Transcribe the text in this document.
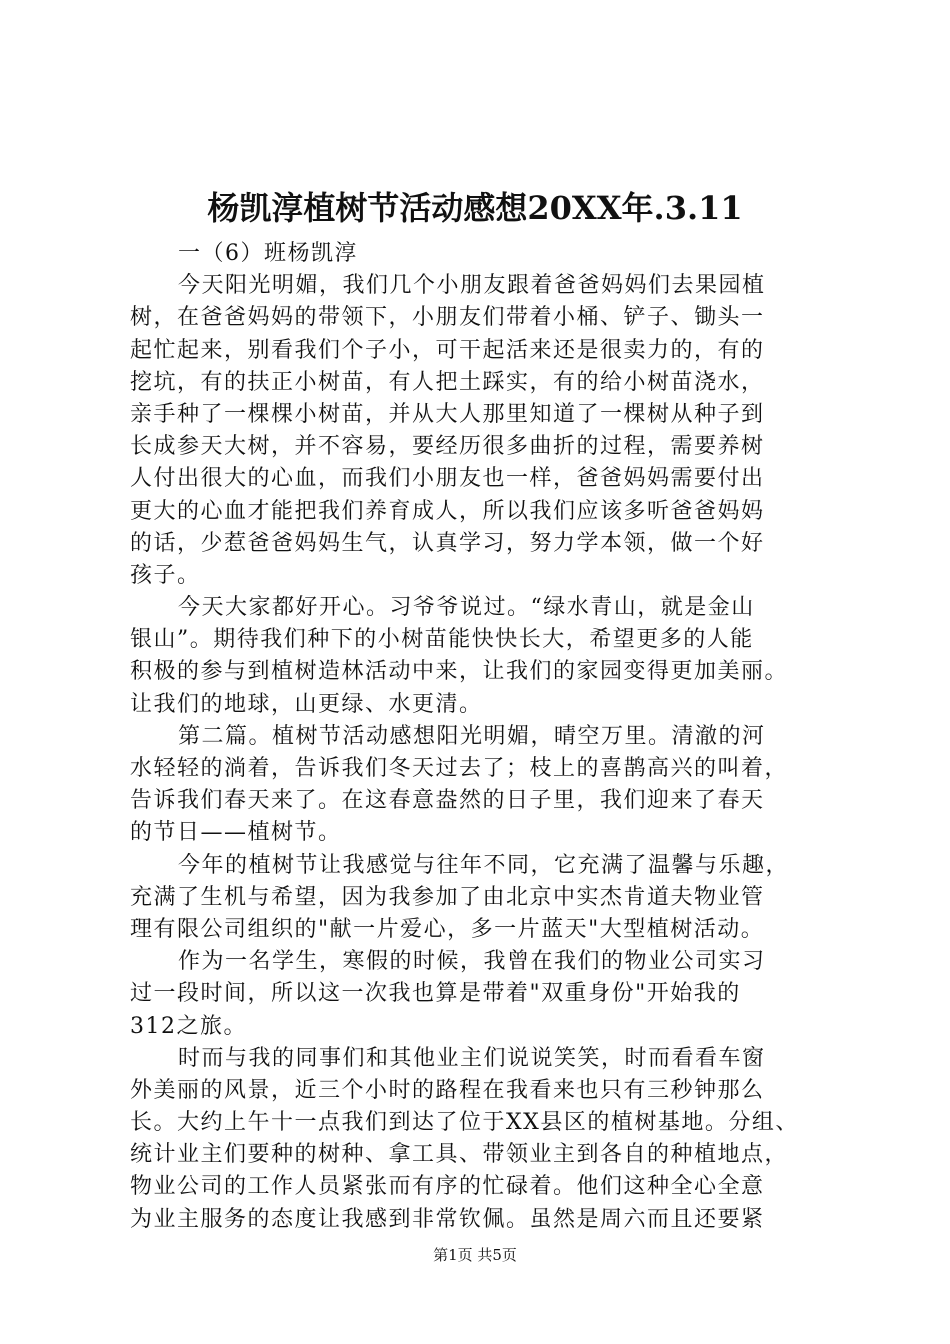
杨凯淳植树节活动感想20XX年.3.11
一（6）班杨凯淳
今天阳光明媚，我们几个小朋友跟着爸爸妈妈们去果园植
树，在爸爸妈妈的带领下，小朋友们带着小桶、铲子、锄头一
起忙起来，别看我们个子小，可干起活来还是很卖力的，有的
挖坑，有的扶正小树苗，有人把土踩实，有的给小树苗浇水，
亲手种了一棵棵小树苗，并从大人那里知道了一棵树从种子到
长成参天大树，并不容易，要经历很多曲折的过程，需要养树
人付出很大的心血，而我们小朋友也一样，爸爸妈妈需要付出
更大的心血才能把我们养育成人，所以我们应该多听爸爸妈妈
的话，少惹爸爸妈妈生气，认真学习，努力学本领，做一个好
孩子。
今天大家都好开心。习爷爷说过。“绿水青山，就是金山
银山”。期待我们种下的小树苗能快快长大，希望更多的人能
积极的参与到植树造林活动中来，让我们的家园变得更加美丽。
让我们的地球，山更绿、水更清。
第二篇。植树节活动感想阳光明媚，晴空万里。清澈的河
水轻轻的淌着，告诉我们冬天过去了；枝上的喜鹊高兴的叫着，
告诉我们春天来了。在这春意盎然的日子里，我们迎来了春天
的节日——植树节。
今年的植树节让我感觉与往年不同，它充满了温馨与乐趣，
充满了生机与希望，因为我参加了由北京中实杰肯道夫物业管
理有限公司组织的"献一片爱心，多一片蓝天"大型植树活动。
作为一名学生，寒假的时候，我曾在我们的物业公司实习
过一段时间，所以这一次我也算是带着"双重身份"开始我的
312之旅。
时而与我的同事们和其他业主们说说笑笑，时而看看车窗
外美丽的风景，近三个小时的路程在我看来也只有三秒钟那么
长。大约上午十一点我们到达了位于XX县区的植树基地。分组、
统计业主们要种的树种、拿工具、带领业主到各自的种植地点，
物业公司的工作人员紧张而有序的忙碌着。他们这种全心全意
为业主服务的态度让我感到非常钦佩。虽然是周六而且还要紧
第1页 共5页
